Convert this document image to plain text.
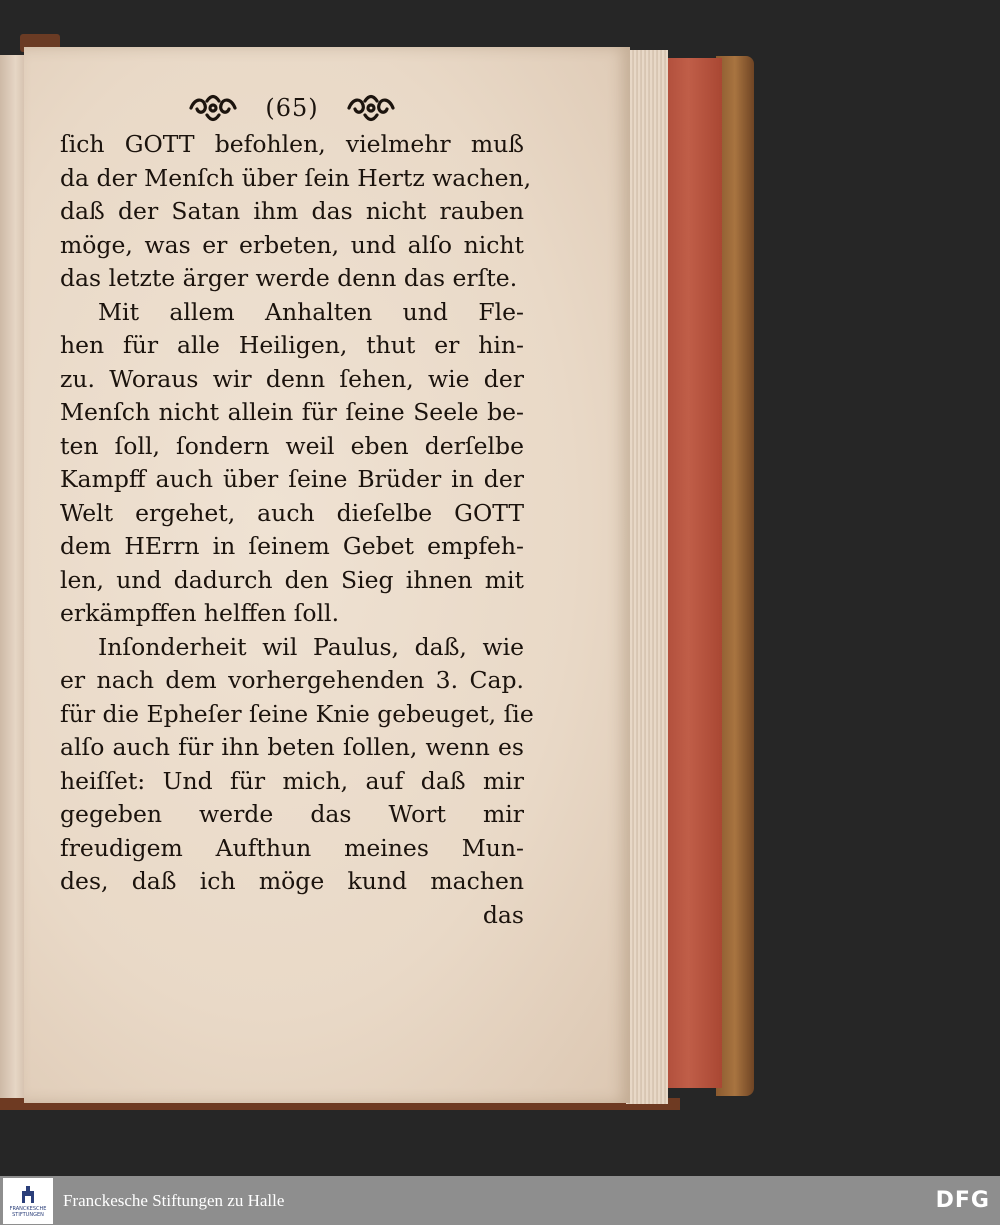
(65)
ſich GOTT befohlen, vielmehr muß
da der Menſch über ſein Hertz wachen,
daß der Satan ihm das nicht rauben
möge, was er erbeten, und alſo nicht
das letzte ärger werde denn das erſte.
Mit allem Anhalten und Fle-
hen für alle Heiligen, thut er hin-
zu. Woraus wir denn ſehen, wie der
Menſch nicht allein für ſeine Seele be-
ten ſoll, ſondern weil eben derſelbe
Kampff auch über ſeine Brüder in der
Welt ergehet, auch dieſelbe GOTT
dem HErrn in ſeinem Gebet empfeh-
len, und dadurch den Sieg ihnen mit
erkämpffen helffen ſoll.
Inſonderheit wil Paulus, daß, wie
er nach dem vorhergehenden 3. Cap.
für die Epheſer ſeine Knie gebeuget, ſie
alſo auch für ihn beten ſollen, wenn es
heiſſet: Und für mich, auf daß mir
gegeben werde das Wort mir
freudigem Aufthun meines Mun-
des, daß ich möge kund machen
das
FRANCKESCHE
STIFTUNGEN
Franckesche Stiftungen zu Halle	DFG
